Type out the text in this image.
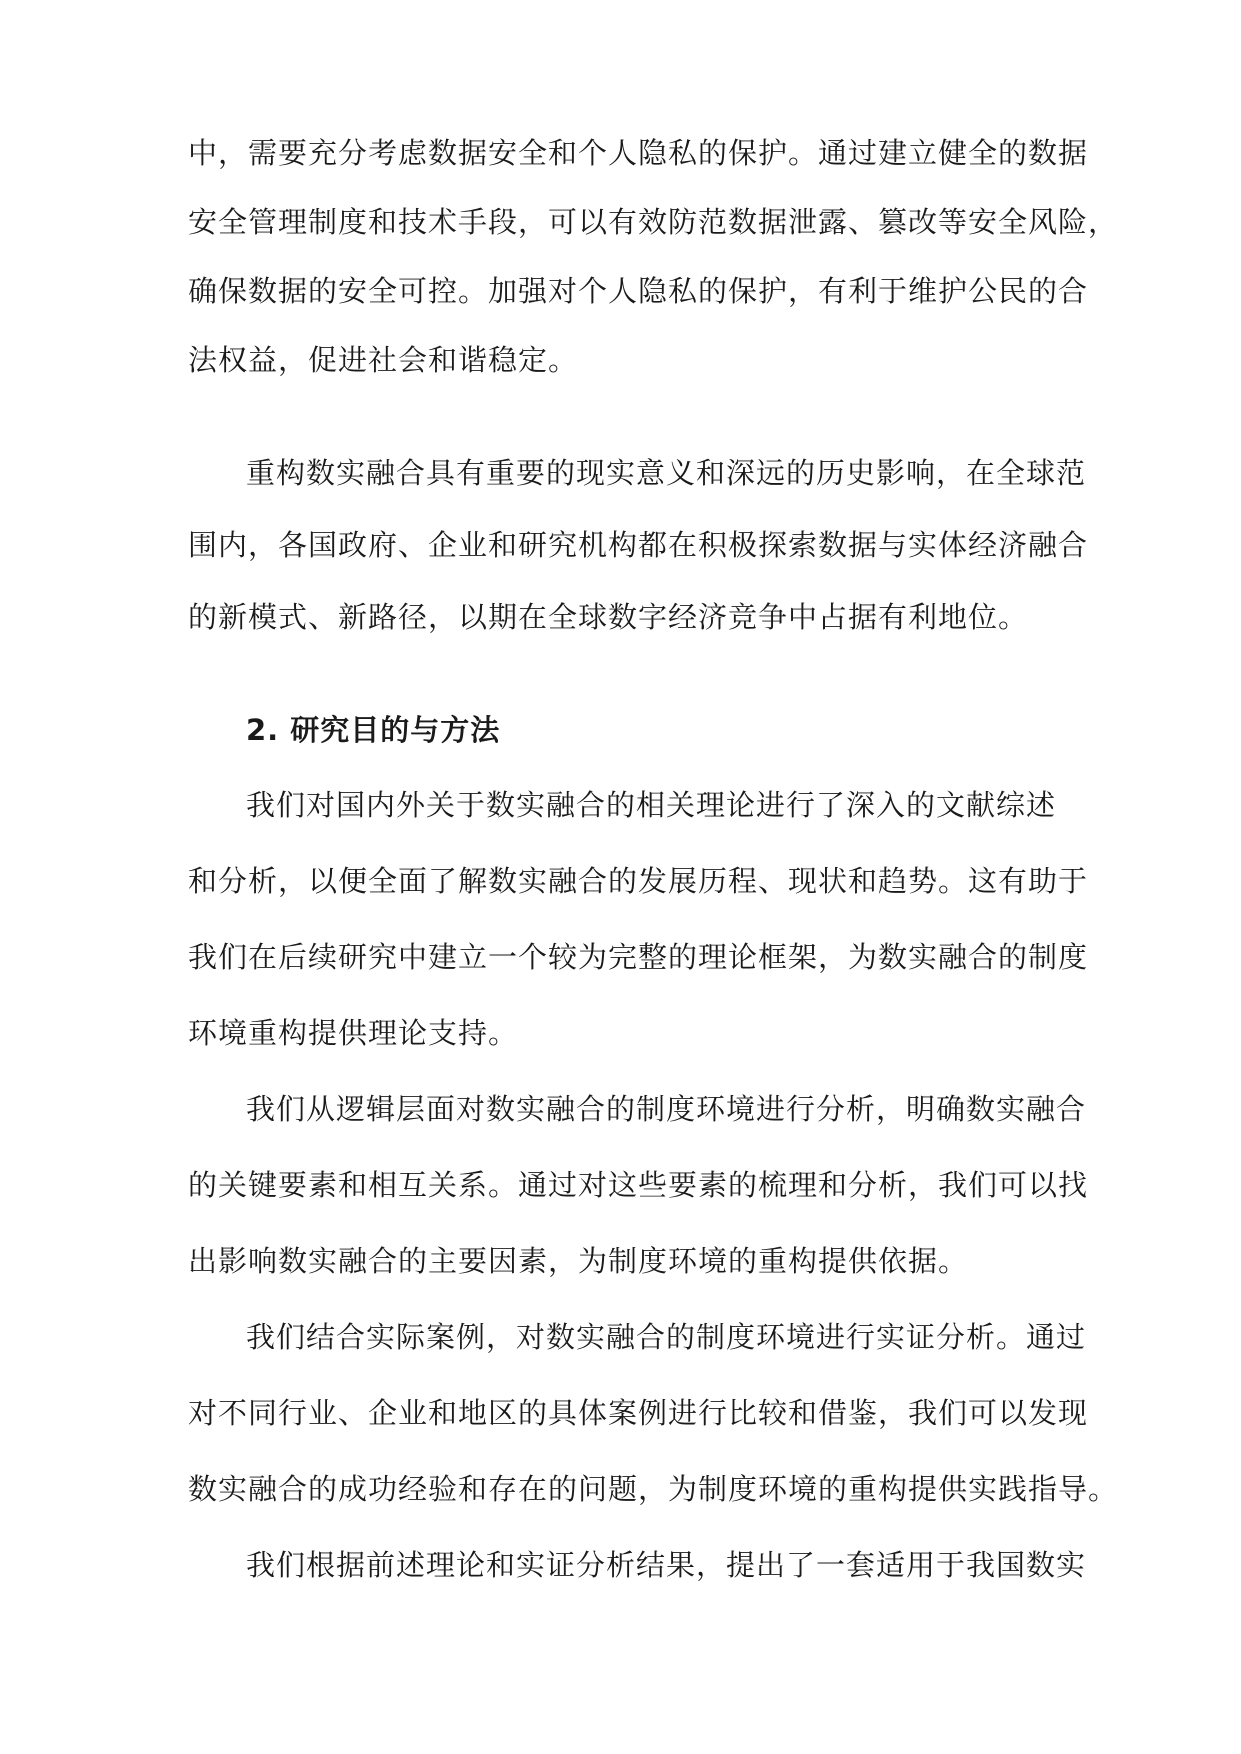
中，需要充分考虑数据安全和个人隐私的保护。通过建立健全的数据
安全管理制度和技术手段，可以有效防范数据泄露、篡改等安全风险，
确保数据的安全可控。加强对个人隐私的保护，有利于维护公民的合
法权益，促进社会和谐稳定。
重构数实融合具有重要的现实意义和深远的历史影响，在全球范
围内，各国政府、企业和研究机构都在积极探索数据与实体经济融合
的新模式、新路径，以期在全球数字经济竞争中占据有利地位。
2. 研究目的与方法
我们对国内外关于数实融合的相关理论进行了深入的文献综述
和分析，以便全面了解数实融合的发展历程、现状和趋势。这有助于
我们在后续研究中建立一个较为完整的理论框架，为数实融合的制度
环境重构提供理论支持。
我们从逻辑层面对数实融合的制度环境进行分析，明确数实融合
的关键要素和相互关系。通过对这些要素的梳理和分析，我们可以找
出影响数实融合的主要因素，为制度环境的重构提供依据。
我们结合实际案例，对数实融合的制度环境进行实证分析。通过
对不同行业、企业和地区的具体案例进行比较和借鉴，我们可以发现
数实融合的成功经验和存在的问题，为制度环境的重构提供实践指导。
我们根据前述理论和实证分析结果，提出了一套适用于我国数实
